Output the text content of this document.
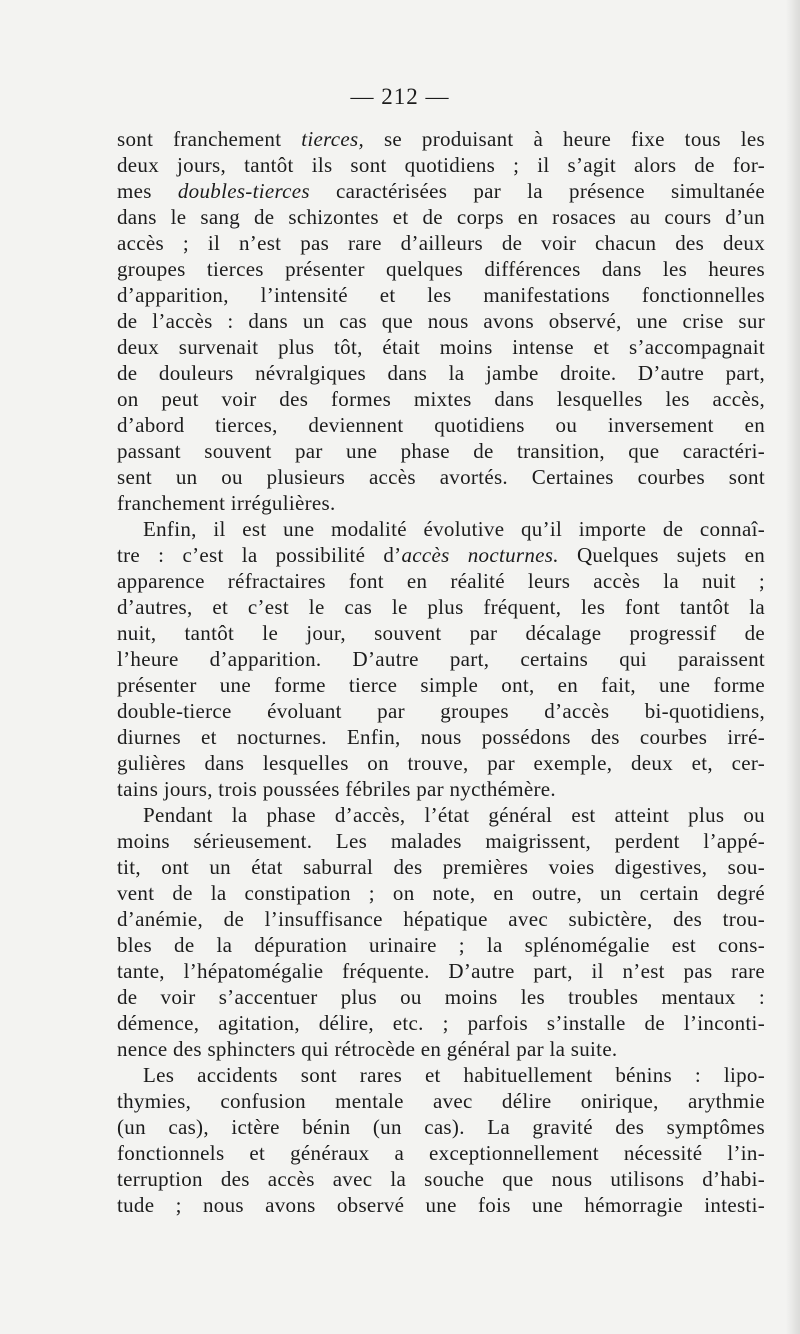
— 212 —
sont franchement tierces, se produisant à heure fixe tous les
deux jours, tantôt ils sont quotidiens ; il s’agit alors de for-
mes doubles-tierces caractérisées par la présence simultanée
dans le sang de schizontes et de corps en rosaces au cours d’un
accès ; il n’est pas rare d’ailleurs de voir chacun des deux
groupes tierces présenter quelques différences dans les heures
d’apparition, l’intensité et les manifestations fonctionnelles
de l’accès : dans un cas que nous avons observé, une crise sur
deux survenait plus tôt, était moins intense et s’accompagnait
de douleurs névralgiques dans la jambe droite. D’autre part,
on peut voir des formes mixtes dans lesquelles les accès,
d’abord tierces, deviennent quotidiens ou inversement en
passant souvent par une phase de transition, que caractéri-
sent un ou plusieurs accès avortés. Certaines courbes sont
franchement irrégulières.
Enfin, il est une modalité évolutive qu’il importe de connaî-
tre : c’est la possibilité d’accès nocturnes. Quelques sujets en
apparence réfractaires font en réalité leurs accès la nuit ;
d’autres, et c’est le cas le plus fréquent, les font tantôt la
nuit, tantôt le jour, souvent par décalage progressif de
l’heure d’apparition. D’autre part, certains qui paraissent
présenter une forme tierce simple ont, en fait, une forme
double-tierce évoluant par groupes d’accès bi-quotidiens,
diurnes et nocturnes. Enfin, nous possédons des courbes irré-
gulières dans lesquelles on trouve, par exemple, deux et, cer-
tains jours, trois poussées fébriles par nycthémère.
Pendant la phase d’accès, l’état général est atteint plus ou
moins sérieusement. Les malades maigrissent, perdent l’appé-
tit, ont un état saburral des premières voies digestives, sou-
vent de la constipation ; on note, en outre, un certain degré
d’anémie, de l’insuffisance hépatique avec subictère, des trou-
bles de la dépuration urinaire ; la splénomégalie est cons-
tante, l’hépatomégalie fréquente. D’autre part, il n’est pas rare
de voir s’accentuer plus ou moins les troubles mentaux :
démence, agitation, délire, etc. ; parfois s’installe de l’inconti-
nence des sphincters qui rétrocède en général par la suite.
Les accidents sont rares et habituellement bénins : lipo-
thymies, confusion mentale avec délire onirique, arythmie
(un cas), ictère bénin (un cas). La gravité des symptômes
fonctionnels et généraux a exceptionnellement nécessité l’in-
terruption des accès avec la souche que nous utilisons d’habi-
tude ; nous avons observé une fois une hémorragie intesti-
